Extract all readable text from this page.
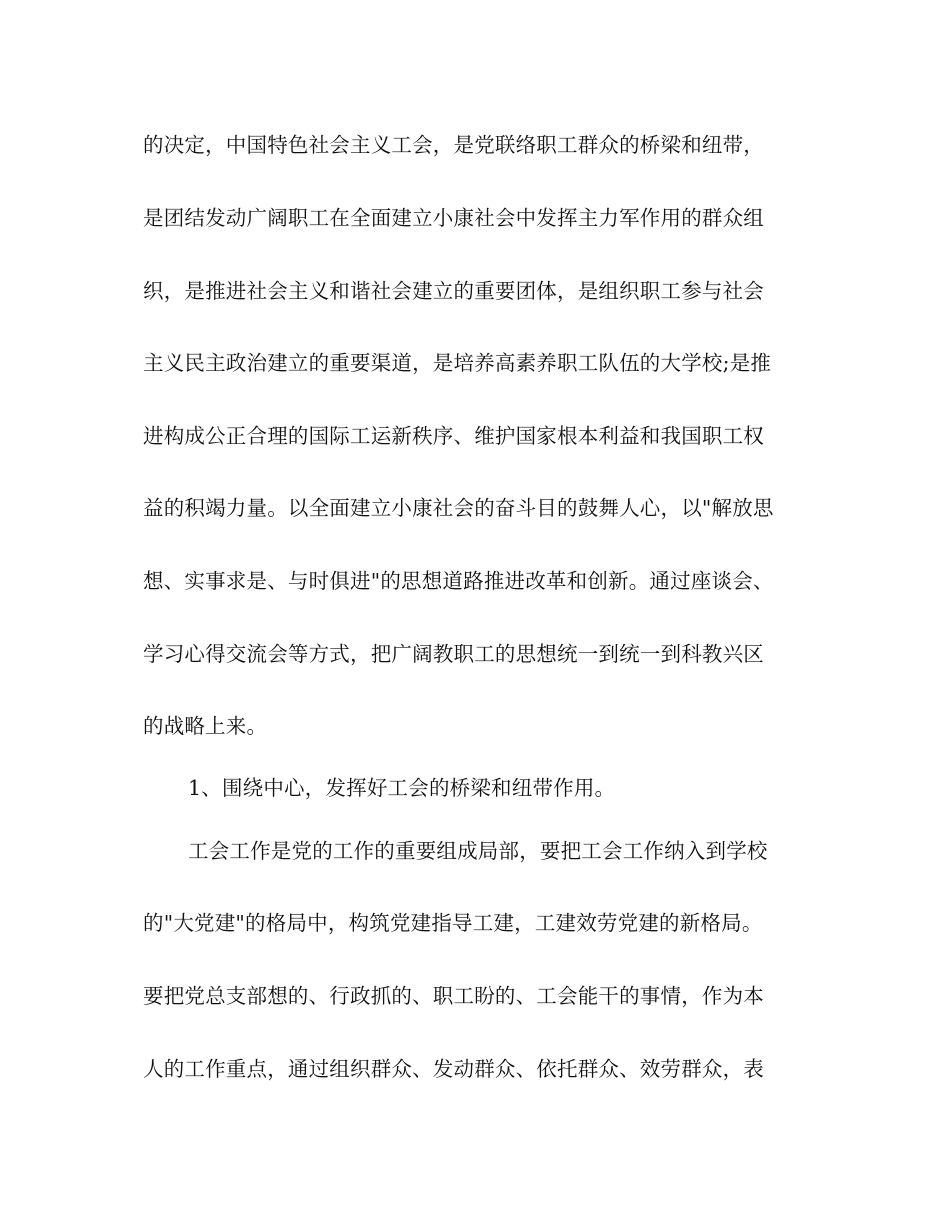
的决定，中国特色社会主义工会，是党联络职工群众的桥梁和纽带，
是团结发动广阔职工在全面建立小康社会中发挥主力军作用的群众组
织，是推进社会主义和谐社会建立的重要团体，是组织职工参与社会
主义民主政治建立的重要渠道，是培养高素养职工队伍的大学校;是推
进构成公正合理的国际工运新秩序、维护国家根本利益和我国职工权
益的积竭力量。以全面建立小康社会的奋斗目的鼓舞人心，以"解放思
想、实事求是、与时俱进"的思想道路推进改革和创新。通过座谈会、
学习心得交流会等方式，把广阔教职工的思想统一到统一到科教兴区
的战略上来。
1、围绕中心，发挥好工会的桥梁和纽带作用。
工会工作是党的工作的重要组成局部，要把工会工作纳入到学校
的"大党建"的格局中，构筑党建指导工建，工建效劳党建的新格局。
要把党总支部想的、行政抓的、职工盼的、工会能干的事情，作为本
人的工作重点，通过组织群众、发动群众、依托群众、效劳群众，表
